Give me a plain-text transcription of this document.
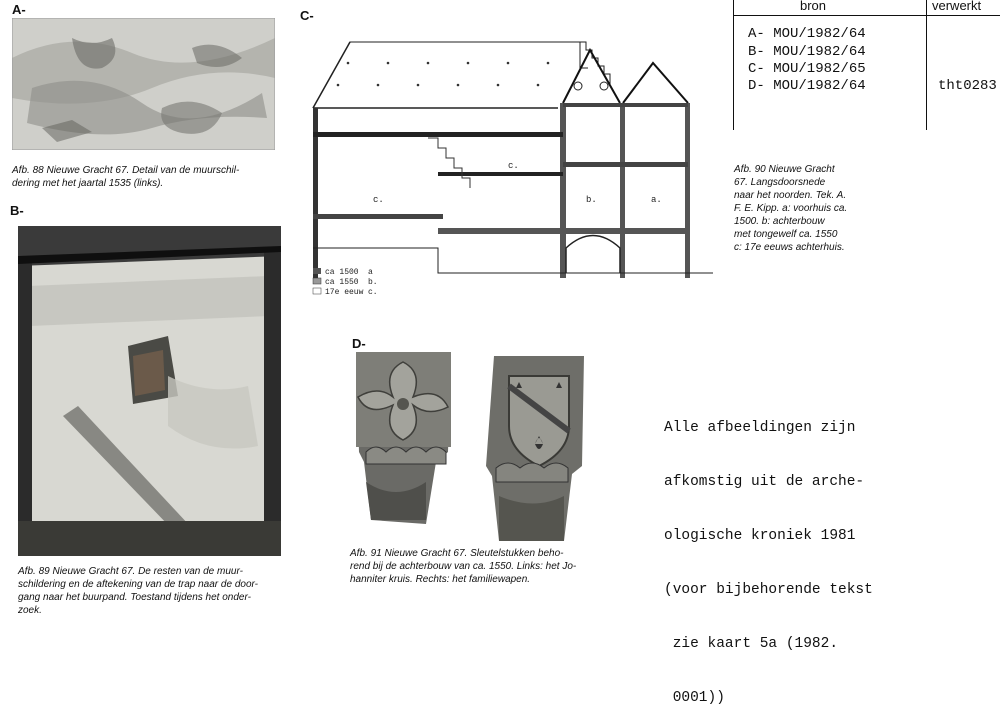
A-
B-
C-
D-
Afb. 88 Nieuwe Gracht 67. Detail van de muurschil-
dering met het jaartal 1535 (links).
Afb. 89 Nieuwe Gracht 67. De resten van de muur-
schildering en de aftekening van de trap naar de door-
gang naar het buurpand. Toestand tijdens het onder-
zoek.
ca 1500 a
ca 1550 b.
17e eeuw c.
c.
c.
b.	a.
Afb. 90 Nieuwe Gracht
67. Langsdoorsnede
naar het noorden. Tek. A.
F. E. Kipp. a: voorhuis ca.
1500. b: achterbouw
met tongewelf ca. 1550
c: 17e eeuws achterhuis.
Afb. 91 Nieuwe Gracht 67. Sleutelstukken beho-
rend bij de achterbouw van ca. 1550. Links: het Jo-
hanniter kruis. Rechts: het familiewapen.
bron	verwerkt
A- MOU/1982/64
B- MOU/1982/64
C- MOU/1982/65
D- MOU/1982/64	tht0283

Alle afbeeldingen zijn

afkomstig uit de arche-

ologische kroniek 1981

(voor bijbehorende tekst

zie kaart 5a (1982.

0001))
